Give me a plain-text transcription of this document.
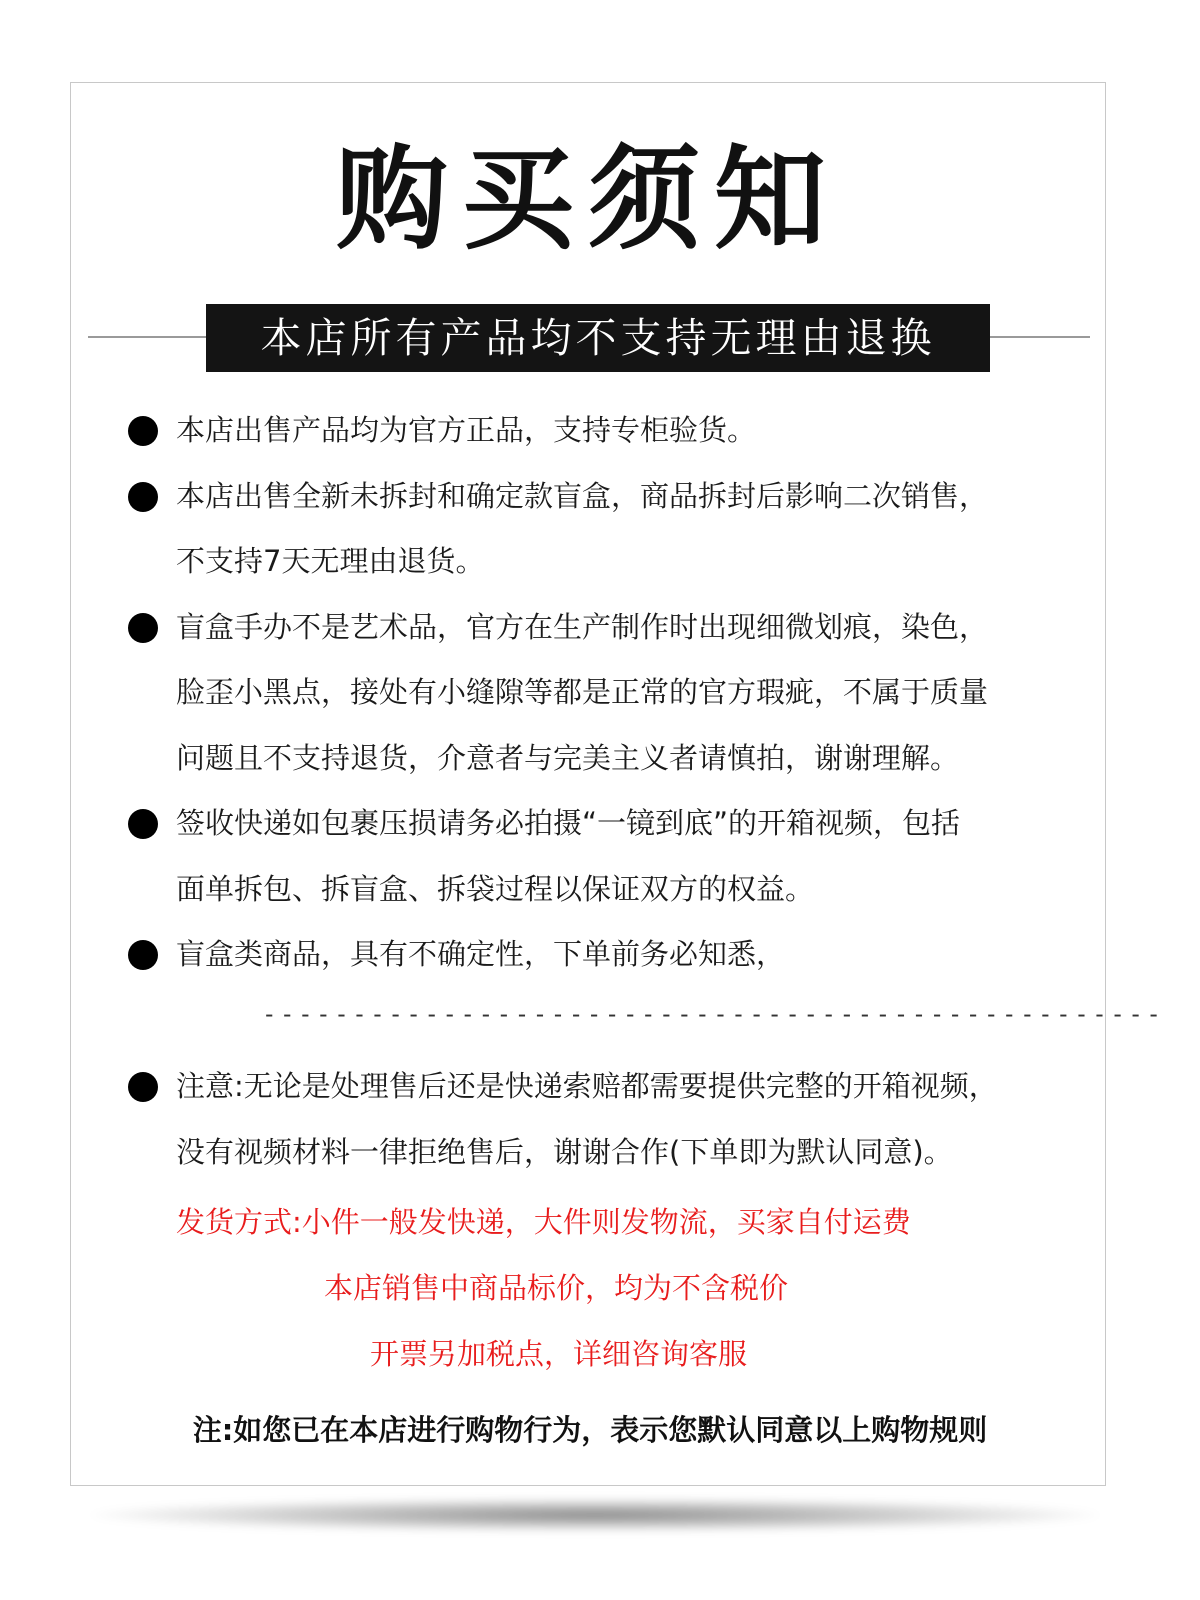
购买须知
本店所有产品均不支持无理由退换
本店出售产品均为官方正品，支持专柜验货。
本店出售全新未拆封和确定款盲盒，商品拆封后影响二次销售，
不支持7天无理由退货。
盲盒手办不是艺术品，官方在生产制作时出现细微划痕，染色，
脸歪小黑点，接处有小缝隙等都是正常的官方瑕疵，不属于质量
问题且不支持退货，介意者与完美主义者请慎拍，谢谢理解。
签收快递如包裹压损请务必拍摄“一镜到底”的开箱视频，包括
面单拆包、拆盲盒、拆袋过程以保证双方的权益。
盲盒类商品，具有不确定性，下单前务必知悉，
--------------------------------------------------
注意:无论是处理售后还是快递索赔都需要提供完整的开箱视频，
没有视频材料一律拒绝售后，谢谢合作(下单即为默认同意)。
发货方式:小件一般发快递，大件则发物流，买家自付运费
本店销售中商品标价，均为不含税价
开票另加税点，详细咨询客服
注:如您已在本店进行购物行为，表示您默认同意以上购物规则
